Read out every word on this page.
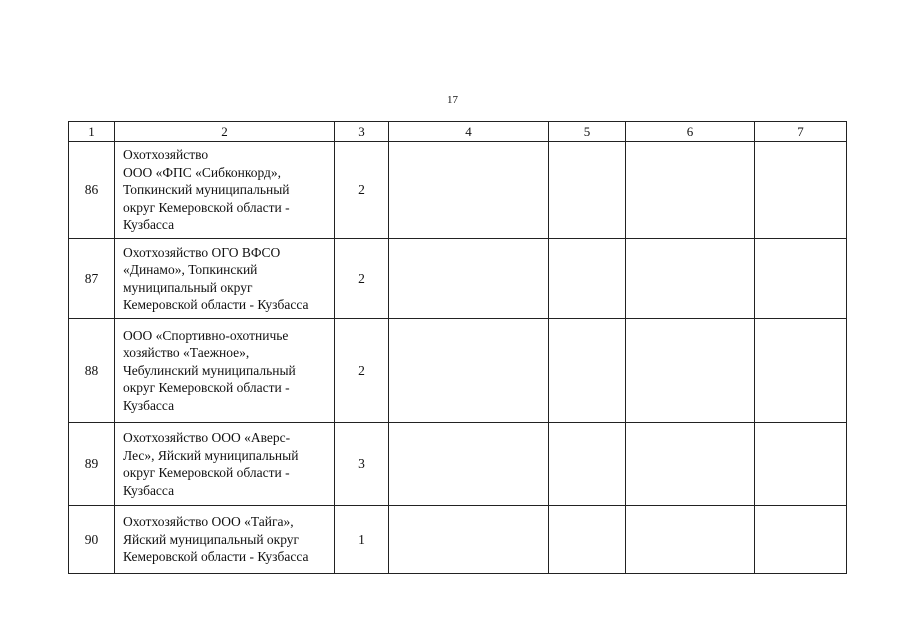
17
1	2	3	4	5	6	7
86	Охотхозяйство
ООО «ФПС «Сибконкорд»,
Топкинский муниципальный
округ Кемеровской области -
Кузбасса	2				
87	Охотхозяйство ОГО ВФСО
«Динамо», Топкинский
муниципальный округ
Кемеровской области - Кузбасса	2				
88	ООО «Спортивно-охотничье
хозяйство «Таежное»,
Чебулинский муниципальный
округ Кемеровской области -
Кузбасса	2				
89	Охотхозяйство ООО «Аверс-
Лес», Яйский муниципальный
округ Кемеровской области -
Кузбасса	3				
90	Охотхозяйство ООО «Тайга»,
Яйский муниципальный округ
Кемеровской области - Кузбасса	1				
